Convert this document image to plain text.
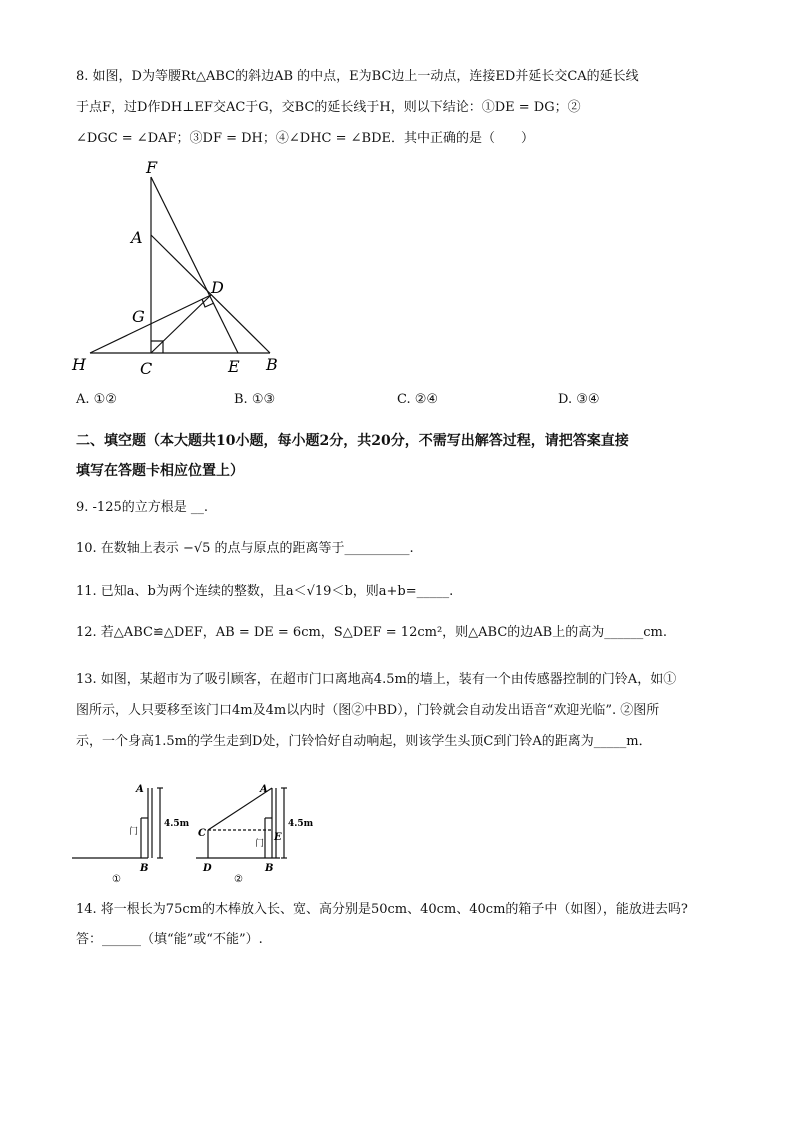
8. 如图，D为等腰Rt△ABC的斜边AB 的中点，E为BC边上一动点，连接ED并延长交CA的延长线
于点F，过D作DH⊥EF交AC于G，交BC的延长线于H，则以下结论：①DE = DG；②
∠DGC = ∠DAF；③DF = DH；④∠DHC = ∠BDE．其中正确的是（　　）
F
A
D
G
H	C	E B
A. ①②	B. ①③	C. ②④	D. ③④
二、填空题（本大题共10小题，每小题2分，共20分，不需写出解答过程，请把答案直接
填写在答题卡相应位置上）
9. -125的立方根是 __.
10. 在数轴上表示 −√5 的点与原点的距离等于__________.
11. 已知a、b为两个连续的整数，且a＜√19＜b，则a+b=_____.
12. 若△ABC≌△DEF，AB = DE = 6cm，S△DEF = 12cm²，则△ABC的边AB上的高为______cm.
13. 如图，某超市为了吸引顾客，在超市门口离地高4.5m的墙上，装有一个由传感器控制的门铃A，如①
图所示，人只要移至该门口4m及4m以内时（图②中BD），门铃就会自动发出语音“欢迎光临”. ②图所
示，一个身高1.5m的学生走到D处，门铃恰好自动响起，则该学生头顶C到门铃A的距离为_____m．
A
B
门
4.5m
①
A
C	E
D	B
门
4.5m
②
14. 将一根长为75cm的木棒放入长、宽、高分别是50cm、40cm、40cm的箱子中（如图），能放进去吗?
答：______（填“能”或“不能”）.
